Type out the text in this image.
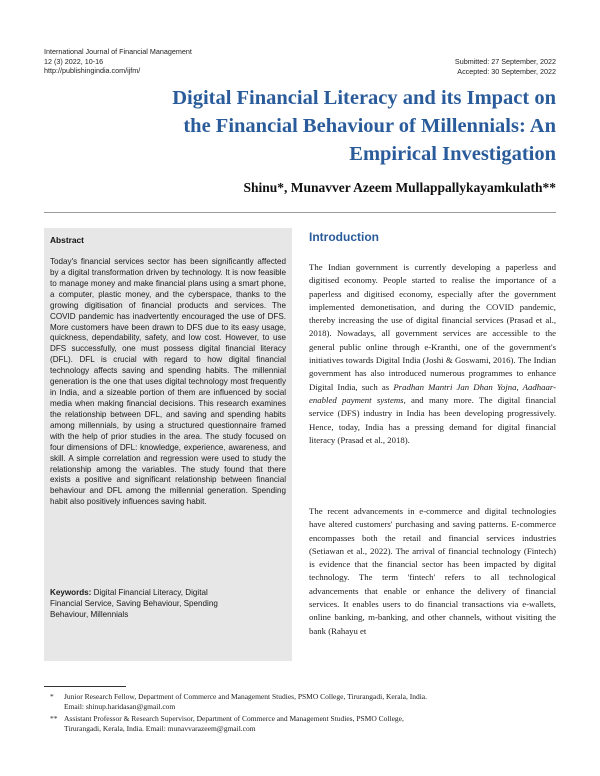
International Journal of Financial Management
12 (3) 2022, 10-16
http://publishingindia.com/ijfm/
Submitted: 27 September, 2022
Accepted: 30 September, 2022
Digital Financial Literacy and its Impact on
the Financial Behaviour of Millennials: An
Empirical Investigation
Shinu*, Munavver Azeem Mullappallykayamkulath**
Abstract
Today's financial services sector has been significantly affected by a digital transformation driven by technology. It is now feasible to manage money and make financial plans using a smart phone, a computer, plastic money, and the cyberspace, thanks to the growing digitisation of financial products and services. The COVID pandemic has inadvertently encouraged the use of DFS. More customers have been drawn to DFS due to its easy usage, quickness, dependability, safety, and low cost. However, to use DFS successfully, one must possess digital financial literacy (DFL). DFL is crucial with regard to how digital financial technology affects saving and spending habits. The millennial generation is the one that uses digital technology most frequently in India, and a sizeable portion of them are influenced by social media when making financial decisions. This research examines the relationship between DFL, and saving and spending habits among millennials, by using a structured questionnaire framed with the help of prior studies in the area. The study focused on four dimensions of DFL: knowledge, experience, awareness, and skill. A simple correlation and regression were used to study the relationship among the variables. The study found that there exists a positive and significant relationship between financial behaviour and DFL among the millennial generation. Spending habit also positively influences saving habit.
Keywords: Digital Financial Literacy, Digital
Financial Service, Saving Behaviour, Spending
Behaviour, Millennials
Introduction
The Indian government is currently developing a paperless and digitised economy. People started to realise the importance of a paperless and digitised economy, especially after the government implemented demonetisation, and during the COVID pandemic, thereby increasing the use of digital financial services (Prasad et al., 2018). Nowadays, all government services are accessible to the general public online through e-Kranthi, one of the government's initiatives towards Digital India (Joshi & Goswami, 2016). The Indian government has also introduced numerous programmes to enhance Digital India, such as Pradhan Mantri Jan Dhan Yojna, Aadhaar-enabled payment systems, and many more. The digital financial service (DFS) industry in India has been developing progressively. Hence, today, India has a pressing demand for digital financial literacy (Prasad et al., 2018).
The recent advancements in e-commerce and digital technologies have altered customers' purchasing and saving patterns. E-commerce encompasses both the retail and financial services industries (Setiawan et al., 2022). The arrival of financial technology (Fintech) is evidence that the financial sector has been impacted by digital technology. The term 'fintech' refers to all technological advancements that enable or enhance the delivery of financial services. It enables users to do financial transactions via e-wallets, online banking, m-banking, and other channels, without visiting the bank (Rahayu et
*	Junior Research Fellow, Department of Commerce and Management Studies, PSMO College, Tirurangadi, Kerala, India.
Email: shinup.haridasan@gmail.com
** Assistant Professor & Research Supervisor, Department of Commerce and Management Studies, PSMO College,
Tirurangadi, Kerala, India. Email: munavvarazeem@gmail.com
